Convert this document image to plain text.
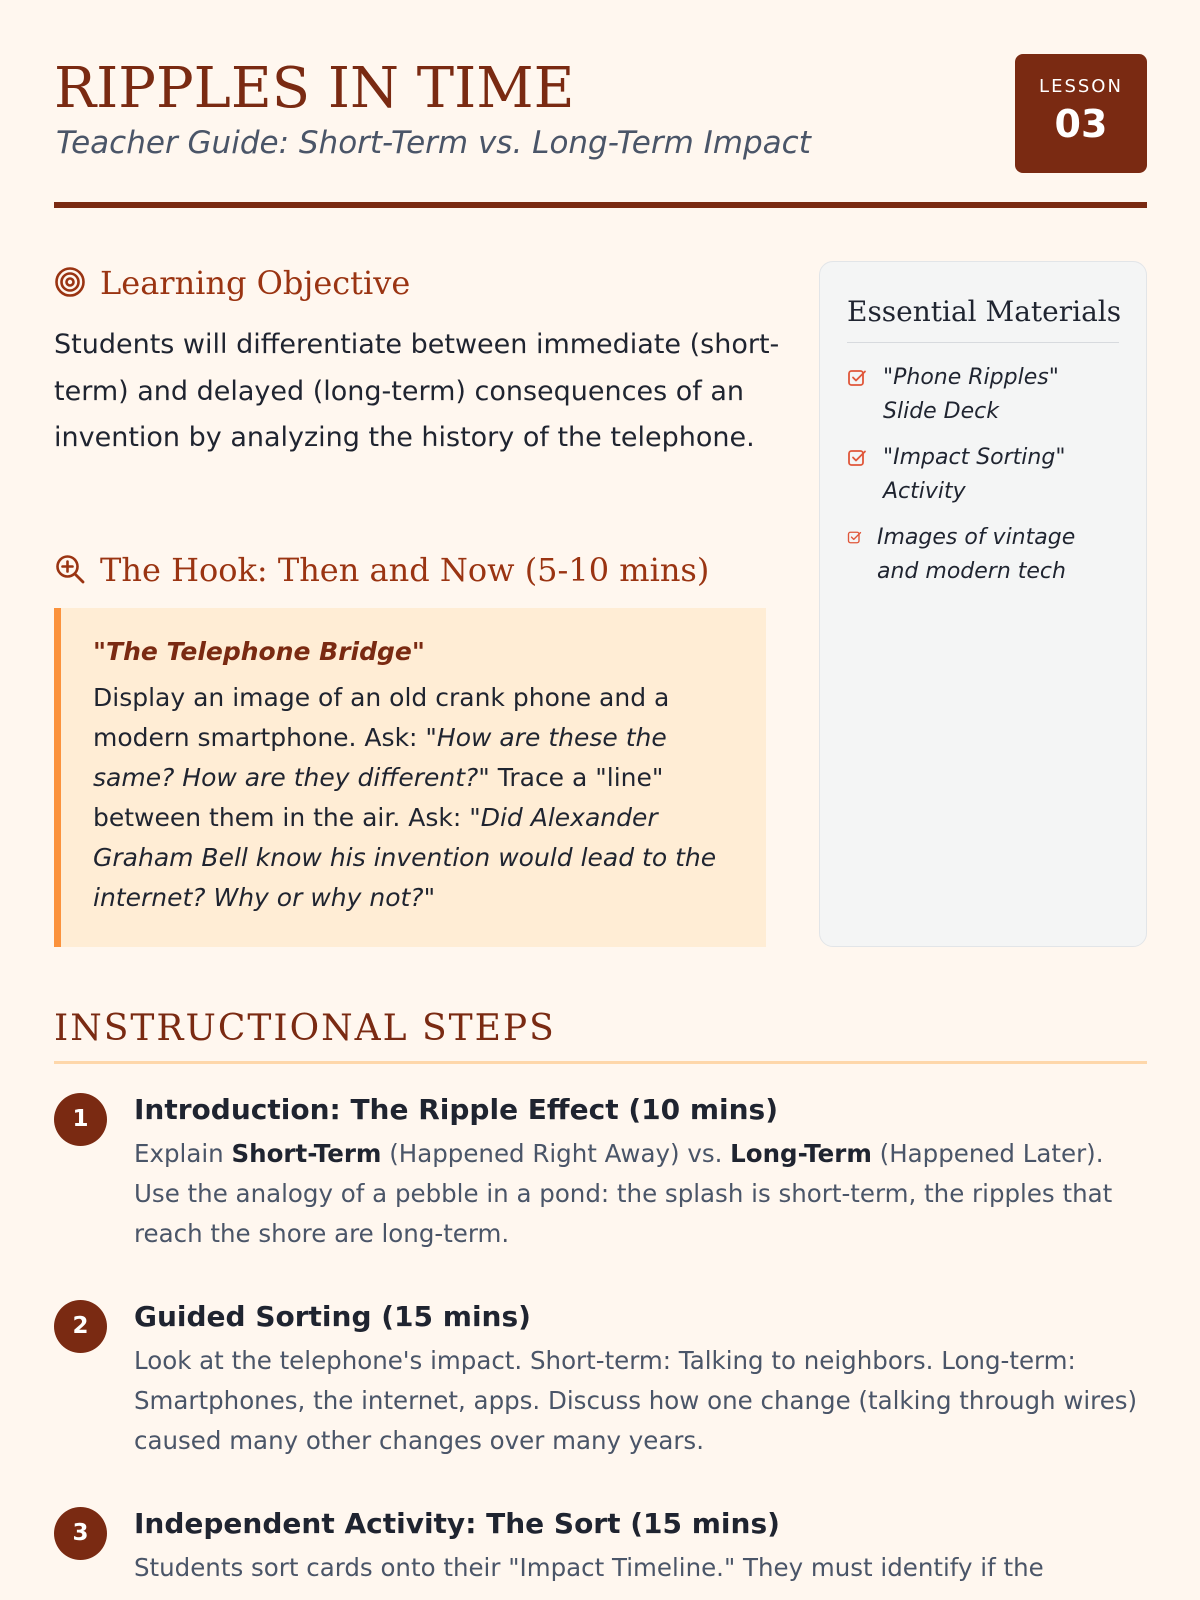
RIPPLES IN TIME

Teacher Guide: Short-Term vs. Long-Term Impact

LESSON
03
Learning Objective

Students will differentiate between immediate (short-term) and delayed (long-term) consequences of an invention by analyzing the history of the telephone.

The Hook: Then and Now (5-10 mins)

"The Telephone Bridge"

Display an image of an old crank phone and a modern smartphone. Ask: "How are these the same? How are they different?" Trace a "line" between them in the air. Ask: "Did Alexander Graham Bell know his invention would lead to the internet? Why or why not?"

Essential Materials
"Phone Ripples" Slide Deck
"Impact Sorting" Activity
Images of vintage and modern tech
INSTRUCTIONAL STEPS
1	Introduction: The Ripple Effect (10 mins)

Explain Short-Term (Happened Right Away) vs. Long-Term (Happened Later). Use the analogy of a pebble in a pond: the splash is short-term, the ripples that reach the shore are long-term.

2	Guided Sorting (15 mins)

Look at the telephone's impact. Short-term: Talking to neighbors. Long-term: Smartphones, the internet, apps. Discuss how one change (talking through wires) caused many other changes over many years.

3	Independent Activity: The Sort (15 mins)

Students sort cards onto their "Impact Timeline." They must identify if the
